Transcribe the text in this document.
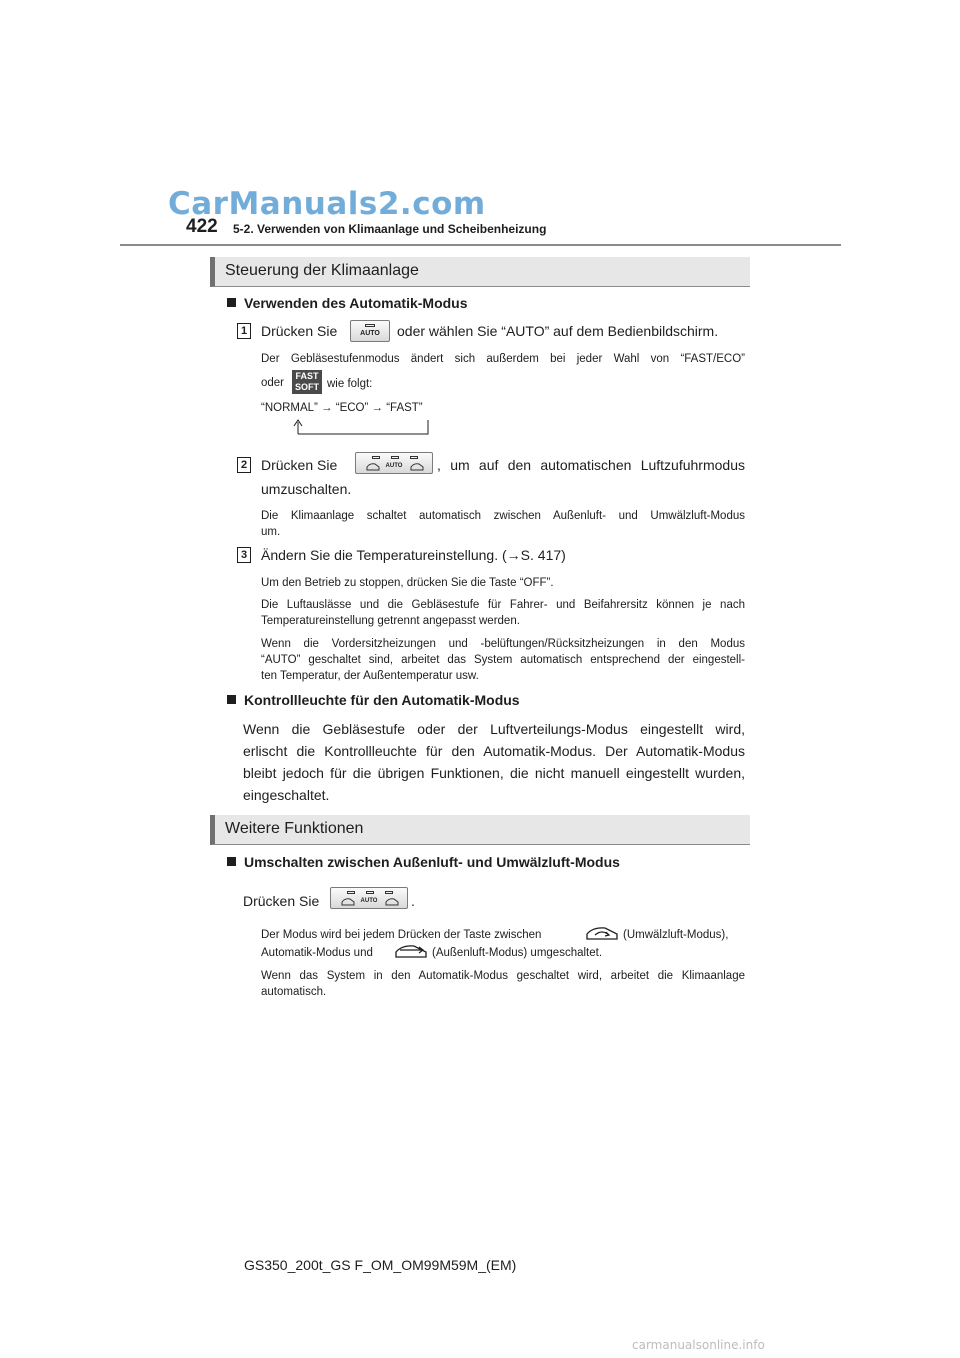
CarManuals2.com
422 5-2. Verwenden von Klimaanlage und Scheibenheizung
Steuerung der Klimaanlage
Verwenden des Automatik-Modus
1 Drücken Sie	AUTO	oder wählen Sie “AUTO” auf dem Bedienbildschirm.
Der Gebläsestufenmodus ändert sich außerdem bei jeder Wahl von “FAST/ECO”
oder
FAST
SOFT wie folgt:
“NORMAL” → “ECO” → “FAST”
2 Drücken Sie	AUTO	, um auf den automatischen Luftzufuhrmodus
umzuschalten.
Die Klimaanlage schaltet automatisch zwischen Außenluft- und Umwälzluft-Modus
um.
3 Ändern Sie die Temperatureinstellung. (→S. 417)
Um den Betrieb zu stoppen, drücken Sie die Taste “OFF”.
Die Luftauslässe und die Gebläsestufe für Fahrer- und Beifahrersitz können je nach
Temperatureinstellung getrennt angepasst werden.
Wenn die Vordersitzheizungen und -belüftungen/Rücksitzheizungen in den Modus
“AUTO” geschaltet sind, arbeitet das System automatisch entsprechend der eingestell-
ten Temperatur, der Außentemperatur usw.
Kontrollleuchte für den Automatik-Modus
Wenn die Gebläsestufe oder der Luftverteilungs-Modus eingestellt wird,
erlischt die Kontrollleuchte für den Automatik-Modus. Der Automatik-Modus
bleibt jedoch für die übrigen Funktionen, die nicht manuell eingestellt wurden,
eingeschaltet.
Weitere Funktionen
Umschalten zwischen Außenluft- und Umwälzluft-Modus
Drücken Sie	AUTO	.
Der Modus wird bei jedem Drücken der Taste zwischen	(Umwälzluft-Modus),
Automatik-Modus und	(Außenluft-Modus) umgeschaltet.
Wenn das System in den Automatik-Modus geschaltet wird, arbeitet die Klimaanlage
automatisch.
GS350_200t_GS F_OM_OM99M59M_(EM)
carmanualsonline.info
